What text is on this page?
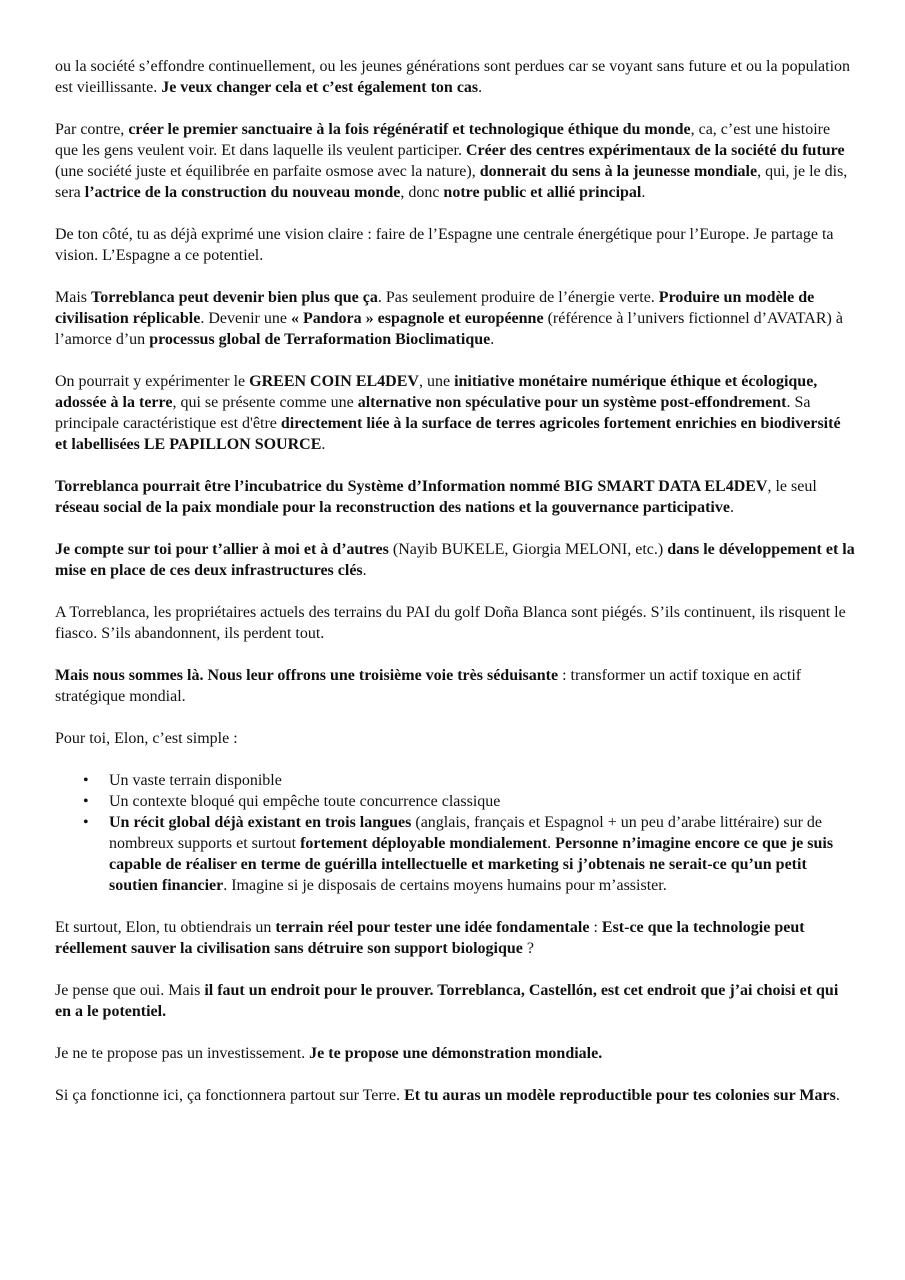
ou la société s’effondre continuellement, ou les jeunes générations sont perdues car se voyant sans future et ou la population est vieillissante. Je veux changer cela et c’est également ton cas.

Par contre, créer le premier sanctuaire à la fois régénératif et technologique éthique du monde, ca, c’est une histoire que les gens veulent voir. Et dans laquelle ils veulent participer. Créer des centres expérimentaux de la société du future (une société juste et équilibrée en parfaite osmose avec la nature), donnerait du sens à la jeunesse mondiale, qui, je le dis, sera l’actrice de la construction du nouveau monde, donc notre public et allié principal.

De ton côté, tu as déjà exprimé une vision claire : faire de l’Espagne une centrale énergétique pour l’Europe. Je partage ta vision. L’Espagne a ce potentiel.

Mais Torreblanca peut devenir bien plus que ça. Pas seulement produire de l’énergie verte. Produire un modèle de civilisation réplicable. Devenir une « Pandora » espagnole et européenne (référence à l’univers fictionnel d’AVATAR) à l’amorce d’un processus global de Terraformation Bioclimatique.

On pourrait y expérimenter le GREEN COIN EL4DEV, une initiative monétaire numérique éthique et écologique, adossée à la terre, qui se présente comme une alternative non spéculative pour un système post-effondrement. Sa principale caractéristique est d'être directement liée à la surface de terres agricoles fortement enrichies en biodiversité et labellisées LE PAPILLON SOURCE.

Torreblanca pourrait être l’incubatrice du Système d’Information nommé BIG SMART DATA EL4DEV, le seul réseau social de la paix mondiale pour la reconstruction des nations et la gouvernance participative.

Je compte sur toi pour t’allier à moi et à d’autres (Nayib BUKELE, Giorgia MELONI, etc.) dans le développement et la mise en place de ces deux infrastructures clés.

A Torreblanca, les propriétaires actuels des terrains du PAI du golf Doña Blanca sont piégés. S’ils continuent, ils risquent le fiasco. S’ils abandonnent, ils perdent tout.

Mais nous sommes là. Nous leur offrons une troisième voie très séduisante : transformer un actif toxique en actif stratégique mondial.

Pour toi, Elon, c’est simple :

• Un vaste terrain disponible
• Un contexte bloqué qui empêche toute concurrence classique
• Un récit global déjà existant en trois langues (anglais, français et Espagnol + un peu d’arabe littéraire) sur de nombreux supports et surtout fortement déployable mondialement. Personne n’imagine encore ce que je suis capable de réaliser en terme de guérilla intellectuelle et marketing si j’obtenais ne serait-ce qu’un petit soutien financier. Imagine si je disposais de certains moyens humains pour m’assister.

Et surtout, Elon, tu obtiendrais un terrain réel pour tester une idée fondamentale : Est-ce que la technologie peut réellement sauver la civilisation sans détruire son support biologique ?

Je pense que oui. Mais il faut un endroit pour le prouver. Torreblanca, Castellón, est cet endroit que j’ai choisi et qui en a le potentiel.

Je ne te propose pas un investissement. Je te propose une démonstration mondiale.

Si ça fonctionne ici, ça fonctionnera partout sur Terre. Et tu auras un modèle reproductible pour tes colonies sur Mars.
